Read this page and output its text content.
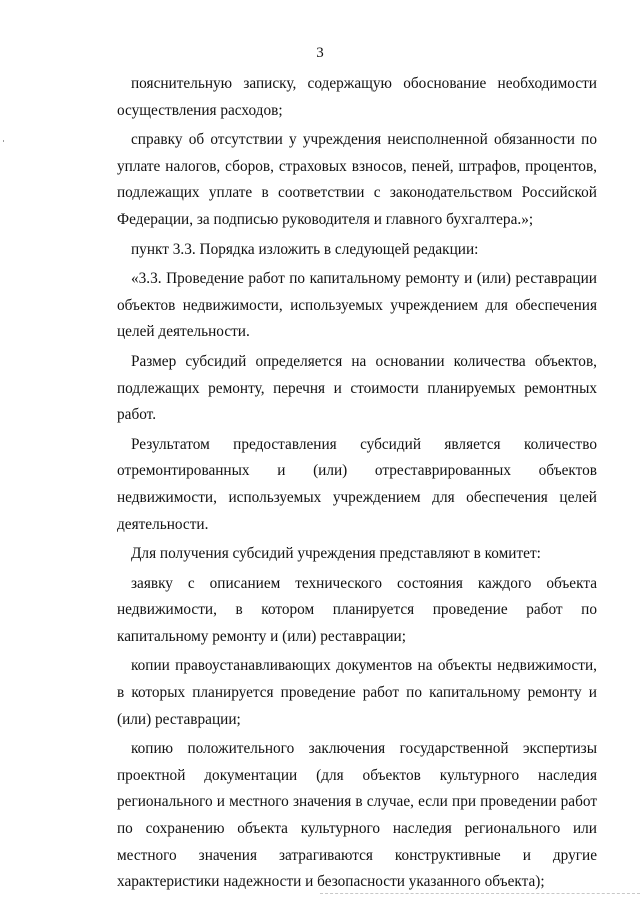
3

пояснительную записку, содержащую обоснование необходимости осуществления расходов;

справку об отсутствии у учреждения неисполненной обязанности по уплате налогов, сборов, страховых взносов, пеней, штрафов, процентов, подлежащих уплате в соответствии с законодательством Российской Федерации, за подписью руководителя и главного бухгалтера.»;

пункт 3.3. Порядка изложить в следующей редакции:

«3.3. Проведение работ по капитальному ремонту и (или) реставрации объектов недвижимости, используемых учреждением для обеспечения целей деятельности.

Размер субсидий определяется на основании количества объектов, подлежащих ремонту, перечня и стоимости планируемых ремонтных работ.

Результатом предоставления субсидий является количество отремонтированных и (или) отреставрированных объектов недвижимости, используемых учреждением для обеспечения целей деятельности.

Для получения субсидий учреждения представляют в комитет:

заявку с описанием технического состояния каждого объекта недвижимости, в котором планируется проведение работ по капитальному ремонту и (или) реставрации;

копии правоустанавливающих документов на объекты недвижимости, в которых планируется проведение работ по капитальному ремонту и (или) реставрации;

копию положительного заключения государственной экспертизы проектной документации (для объектов культурного наследия регионального и местного значения в случае, если при проведении работ по сохранению объекта культурного наследия регионального или местного значения затрагиваются конструктивные и другие характеристики надежности и безопасности указанного объекта);
